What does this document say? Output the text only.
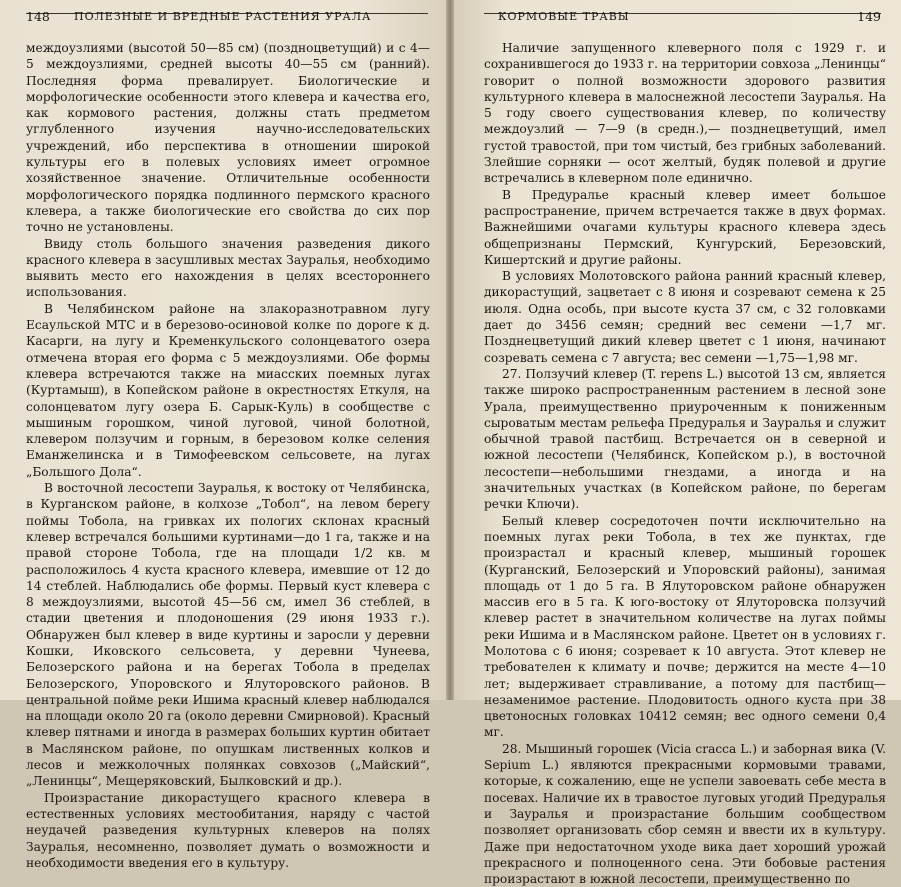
148 ПОЛЕЗНЫЕ И ВРЕДНЫЕ РАСТЕНИЯ УРАЛА

междоузлиями (высотой 50—85 см) (поздноцветущий) и с 4—5 междоузлиями, средней высоты 40—55 см (ранний). Последняя форма превалирует. Биологические и морфологические особенности этого клевера и качества его, как кормового растения, должны стать предметом углубленного изучения научно-исследовательских учреждений, ибо перспектива в отношении широкой культуры его в полевых условиях имеет огромное хозяйственное значение. Отличительные особенности морфологического порядка подлинного пермского красного клевера, а также биологические его свойства до сих пор точно не установлены.

Ввиду столь большого значения разведения дикого красного клевера в засушливых местах Зауралья, необходимо выявить место его нахождения в целях всестороннего использования.

В Челябинском районе на злакоразнотравном лугу Есаульской МТС и в березово-осиновой колке по дороге к д. Касарги, на лугу и Кременкульского солонцеватого озера отмечена вторая его форма с 5 междоузлиями. Обе формы клевера встречаются также на миасских поемных лугах (Куртамыш), в Копейском районе в окрестностях Еткуля, на солонцеватом лугу озера Б. Сарык-Куль) в сообществе с мышиным горошком, чиной луговой, чиной болотной, клевером ползучим и горным, в березовом колке селения Еманжелинска и в Тимофеевском сельсовете, на лугах „Большого Дола“.

В восточной лесостепи Зауралья, к востоку от Челябинска, в Курганском районе, в колхозе „Тобол“, на левом берегу поймы Тобола, на гривках их пологих склонах красный клевер встречался большими куртинами—до 1 га, также и на правой стороне Тобола, где на площади 1/2 кв. м расположилось 4 куста красного клевера, имевшие от 12 до 14 стеблей. Наблюдались обе формы. Первый куст клевера с 8 междоузлиями, высотой 45—56 см, имел 36 стеблей, в стадии цветения и плодоношения (29 июня 1933 г.). Обнаружен был клевер в виде куртины и заросли у деревни Кошки, Иковского сельсовета, у деревни Чунеева, Белозерского района и на берегах Тобола в пределах Белозерского, Упоровского и Ялуторовского районов. В центральной пойме реки Ишима красный клевер наблюдался на площади около 20 га (около деревни Смирновой). Красный клевер пятнами и иногда в размерах больших куртин обитает в Маслянском районе, по опушкам лиственных колков и лесов и межколочных полянках совхозов („Майский“, „Ленинцы“, Мещеряковский, Былковский и др.).

Произрастание дикорастущего красного клевера в естественных условиях местообитания, наряду с частой неудачей разведения культурных клеверов на полях Зауралья, несомненно, позволяет думать о возможности и необходимости введения его в культуру.

КОРМОВЫЕ ТРАВЫ	149

Наличие запущенного клеверного поля с 1929 г. и сохранившегося до 1933 г. на территории совхоза „Ленинцы“ говорит о полной возможности здорового развития культурного клевера в малоснежной лесостепи Зауралья. На 5 году своего существования клевер, по количеству междоузлий — 7—9 (в средн.),— позднецветущий, имел густой травостой, при том чистый, без грибных заболеваний. Злейшие сорняки — осот желтый, будяк полевой и другие встречались в клеверном поле единично.

В Предуралье красный клевер имеет большое распространение, причем встречается также в двух формах. Важнейшими очагами культуры красного клевера здесь общепризнаны Пермский, Кунгурский, Березовский, Кишертский и другие районы.

В условиях Молотовского района ранний красный клевер, дикорастущий, зацветает с 8 июня и созревают семена к 25 июля. Одна особь, при высоте куста 37 см, с 32 головками дает до 3456 семян; средний вес семени —1,7 мг. Позднецветущий дикий клевер цветет с 1 июня, начинают созревать семена с 7 августа; вес семени —1,75—1,98 мг.

27. Ползучий клевер (T. repens L.) высотой 13 см, является также широко распространенным растением в лесной зоне Урала, преимущественно приуроченным к пониженным сыроватым местам рельефа Предуралья и Зауралья и служит обычной травой пастбищ. Встречается он в северной и южной лесостепи (Челябинск, Копейском р.), в восточной лесостепи—небольшими гнездами, а иногда и на значительных участках (в Копейском районе, по берегам речки Ключи).

Белый клевер сосредоточен почти исключительно на поемных лугах реки Тобола, в тех же пунктах, где произрастал и красный клевер, мышиный горошек (Курганский, Белозерский и Упоровский районы), занимая площадь от 1 до 5 га. В Ялуторовском районе обнаружен массив его в 5 га. К юго-востоку от Ялуторовска ползучий клевер растет в значительном количестве на лугах поймы реки Ишима и в Маслянском районе. Цветет он в условиях г. Молотова с 6 июня; созревает к 10 августа. Этот клевер не требователен к климату и почве; держится на месте 4—10 лет; выдерживает стравливание, а потому для пастбищ—незаменимое растение. Плодовитость одного куста при 38 цветоносных головках 10412 семян; вес одного семени 0,4 мг.

28. Мышиный горошек (Vicia cracca L.) и заборная вика (V. Sepium L.) являются прекрасными кормовыми травами, которые, к сожалению, еще не успели завоевать себе места в посевах. Наличие их в травостое луговых угодий Предуралья и Зауралья и произрастание большим сообществом позволяет организовать сбор семян и ввести их в культуру. Даже при недостаточном уходе вика дает хороший урожай прекрасного и полноценного сена. Эти бобовые растения произрастают в южной лесостепи, преимущественно по
